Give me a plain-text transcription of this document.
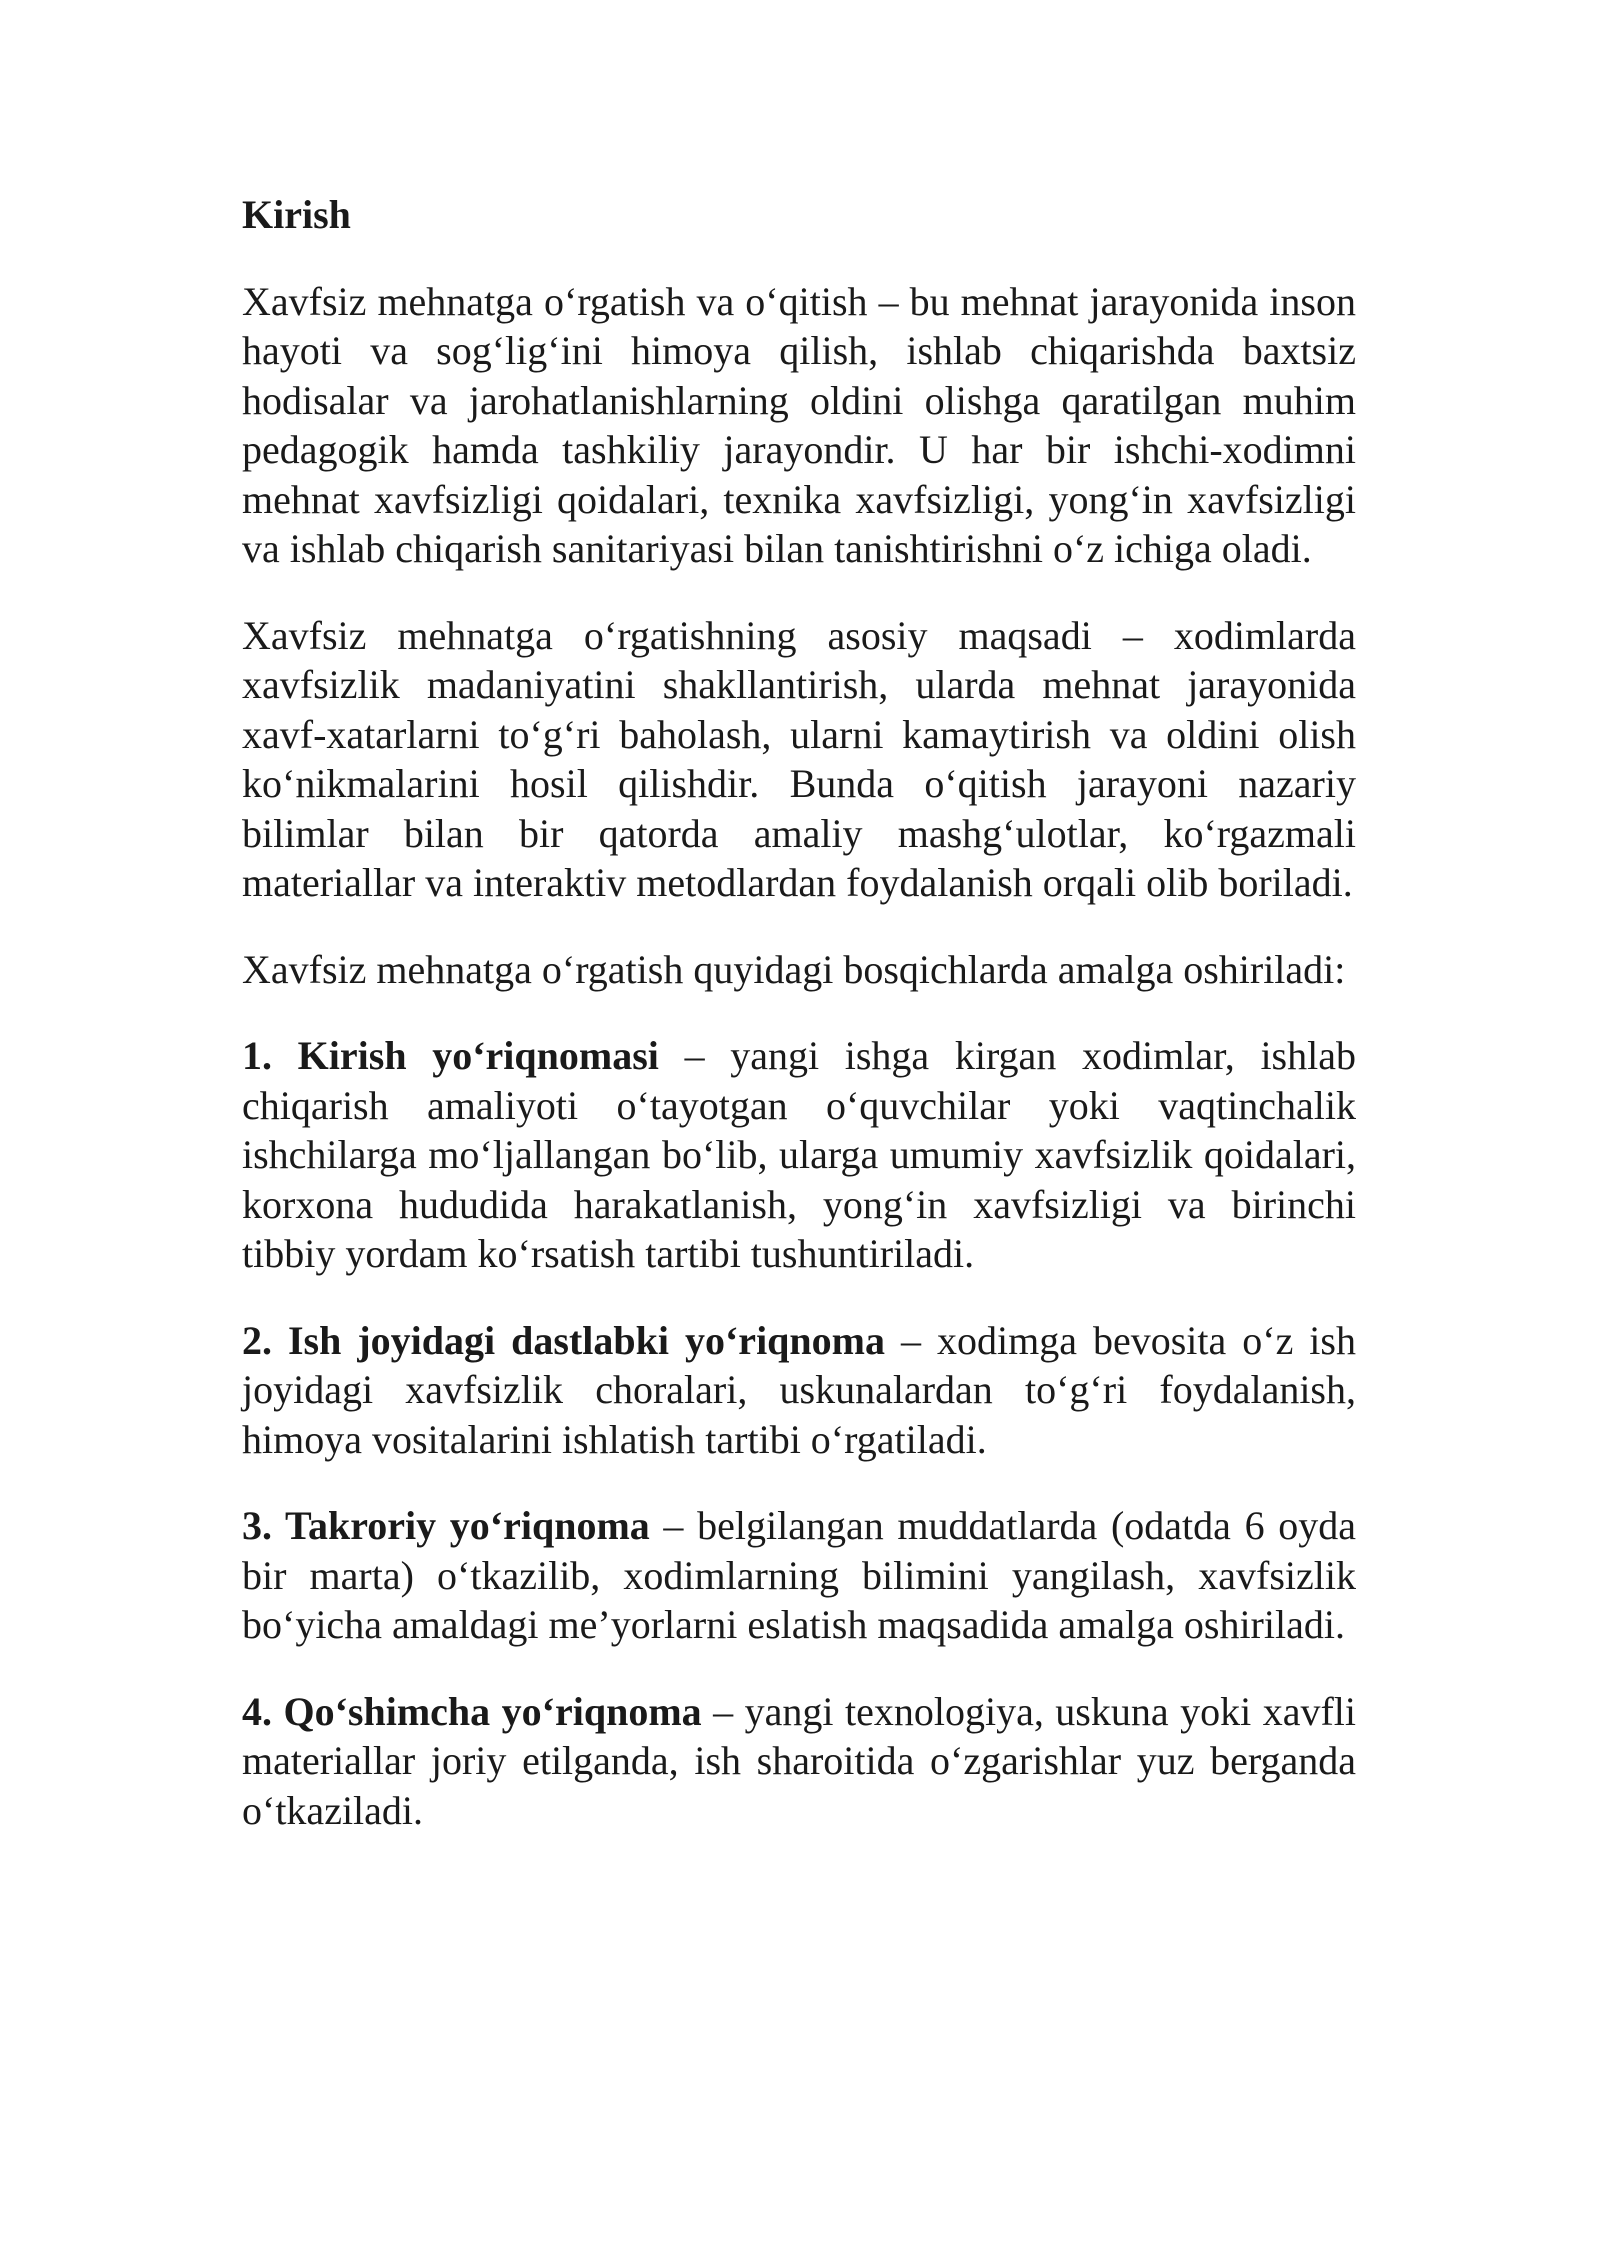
Kirish

Xavfsiz mehnatga o‘rgatish va o‘qitish – bu mehnat jarayonida inson hayoti va sog‘lig‘ini himoya qilish, ishlab chiqarishda baxtsiz hodisalar va jarohatlanishlarning oldini olishga qaratilgan muhim pedagogik hamda tashkiliy jarayondir. U har bir ishchi-xodimni mehnat xavfsizligi qoidalari, texnika xavfsizligi, yong‘in xavfsizligi va ishlab chiqarish sanitariyasi bilan tanishtirishni o‘z ichiga oladi.

Xavfsiz mehnatga o‘rgatishning asosiy maqsadi – xodimlarda xavfsizlik madaniyatini shakllantirish, ularda mehnat jarayonida xavf-xatarlarni to‘g‘ri baholash, ularni kamaytirish va oldini olish ko‘nikmalarini hosil qilishdir. Bunda o‘qitish jarayoni nazariy bilimlar bilan bir qatorda amaliy mashg‘ulotlar, ko‘rgazmali materiallar va interaktiv metodlardan foydalanish orqali olib boriladi.

Xavfsiz mehnatga o‘rgatish quyidagi bosqichlarda amalga oshiriladi:

1. Kirish yo‘riqnomasi – yangi ishga kirgan xodimlar, ishlab chiqarish amaliyoti o‘tayotgan o‘quvchilar yoki vaqtinchalik ishchilarga mo‘ljallangan bo‘lib, ularga umumiy xavfsizlik qoidalari, korxona hududida harakatlanish, yong‘in xavfsizligi va birinchi tibbiy yordam ko‘rsatish tartibi tushuntiriladi.

2. Ish joyidagi dastlabki yo‘riqnoma – xodimga bevosita o‘z ish joyidagi xavfsizlik choralari, uskunalardan to‘g‘ri foydalanish, himoya vositalarini ishlatish tartibi o‘rgatiladi.

3. Takroriy yo‘riqnoma – belgilangan muddatlarda (odatda 6 oyda bir marta) o‘tkazilib, xodimlarning bilimini yangilash, xavfsizlik bo‘yicha amaldagi me’yorlarni eslatish maqsadida amalga oshiriladi.

4. Qo‘shimcha yo‘riqnoma – yangi texnologiya, uskuna yoki xavfli materiallar joriy etilganda, ish sharoitida o‘zgarishlar yuz berganda o‘tkaziladi.
